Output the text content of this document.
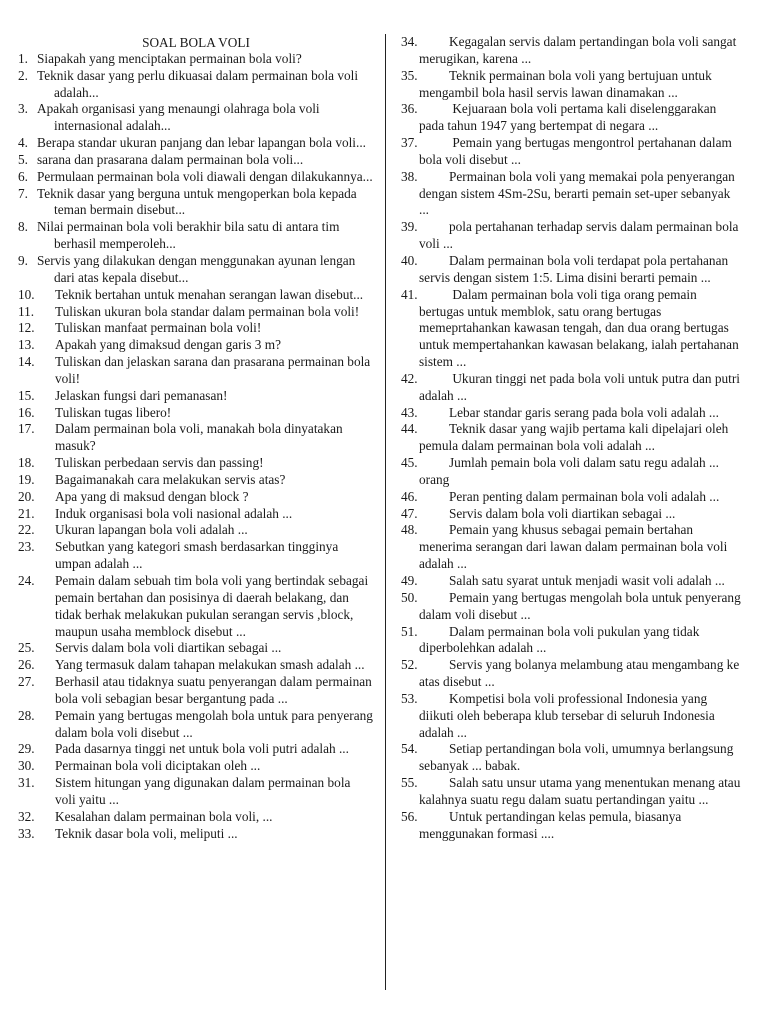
SOAL BOLA VOLI
1. Siapakah yang menciptakan permainan bola voli?
2. Teknik dasar yang perlu dikuasai dalam permainan bola voli adalah...
3. Apakah organisasi yang menaungi olahraga bola voli internasional adalah...
4. Berapa standar ukuran panjang dan lebar lapangan bola voli...
5. sarana dan prasarana dalam permainan bola voli...
6. Permulaan permainan bola voli diawali dengan dilakukannya...
7. Teknik dasar yang berguna untuk mengoperkan bola kepada teman bermain disebut...
8. Nilai permainan bola voli berakhir bila satu di antara tim berhasil memperoleh...
9. Servis yang dilakukan dengan menggunakan ayunan lengan dari atas kepala disebut...
10.	Teknik bertahan untuk menahan serangan lawan disebut...
11.	Tuliskan ukuran bola standar dalam permainan bola voli!
12.	Tuliskan manfaat permainan bola voli!
13.	Apakah yang dimaksud dengan garis 3 m?
14.	Tuliskan dan jelaskan sarana dan prasarana permainan bola voli!
15.	Jelaskan fungsi dari pemanasan!
16.	Tuliskan tugas libero!
17.	Dalam permainan bola voli, manakah bola dinyatakan masuk?
18.	Tuliskan perbedaan servis dan passing!
19.	Bagaimanakah cara melakukan servis atas?
20.	Apa yang di maksud dengan block ?
21.	Induk organisasi bola voli nasional adalah ...
22.	Ukuran lapangan bola voli adalah ...
23.	Sebutkan yang kategori smash berdasarkan tingginya umpan adalah ...
24.	Pemain dalam sebuah tim bola voli yang bertindak sebagai pemain bertahan dan posisinya di daerah belakang, dan tidak berhak melakukan pukulan serangan servis ,block, maupun usaha memblock disebut ...
25.	Servis dalam bola voli diartikan sebagai ...
26.	Yang termasuk dalam tahapan melakukan smash adalah ...
27.	Berhasil atau tidaknya suatu penyerangan dalam permainan bola voli sebagian besar bergantung pada ...
28.	Pemain yang bertugas mengolah bola untuk para penyerang dalam bola voli disebut ...
29.	Pada dasarnya tinggi net untuk bola voli putri adalah ...
30.	Permainan bola voli diciptakan oleh ...
31.	Sistem hitungan yang digunakan dalam permainan bola voli yaitu ...
32.	Kesalahan dalam permainan bola voli, ...
33.	Teknik dasar bola voli, meliputi ...
34. Kegagalan servis dalam pertandingan bola voli sangat merugikan, karena ...
35. Teknik permainan bola voli yang bertujuan untuk mengambil bola hasil servis lawan dinamakan ...
36. Kejuaraan bola voli pertama kali diselenggarakan pada tahun 1947 yang bertempat di negara ...
37. Pemain yang bertugas mengontrol pertahanan dalam bola voli disebut ...
38. Permainan bola voli yang memakai pola penyerangan dengan sistem 4Sm-2Su, berarti pemain set-uper sebanyak ...
39. pola pertahanan terhadap servis dalam permainan bola voli ...
40. Dalam permainan bola voli terdapat pola pertahanan servis dengan sistem 1:5. Lima disini berarti pemain ...
41. Dalam permainan bola voli tiga orang pemain bertugas untuk memblok, satu orang bertugas memeprtahankan kawasan tengah, dan dua orang bertugas untuk mempertahankan kawasan belakang, ialah pertahanan sistem ...
42. Ukuran tinggi net pada bola voli untuk putra dan putri adalah ...
43. Lebar standar garis serang pada bola voli adalah ...
44. Teknik dasar yang wajib pertama kali dipelajari oleh pemula dalam permainan bola voli adalah ...
45. Jumlah pemain bola voli dalam satu regu adalah ... orang
46. Peran penting dalam permainan bola voli adalah ...
47. Servis dalam bola voli diartikan sebagai ...
48. Pemain yang khusus sebagai pemain bertahan menerima serangan dari lawan dalam permainan bola voli adalah ...
49. Salah satu syarat untuk menjadi wasit voli adalah ...
50. Pemain yang bertugas mengolah bola untuk penyerang dalam voli disebut ...
51. Dalam permainan bola voli pukulan yang tidak diperbolehkan adalah ...
52. Servis yang bolanya melambung atau mengambang ke atas disebut ...
53. Kompetisi bola voli professional Indonesia yang diikuti oleh beberapa klub tersebar di seluruh Indonesia adalah ...
54. Setiap pertandingan bola voli, umumnya berlangsung sebanyak ... babak.
55. Salah satu unsur utama yang menentukan menang atau kalahnya suatu regu dalam suatu pertandingan yaitu ...
56. Untuk pertandingan kelas pemula, biasanya menggunakan formasi ....
